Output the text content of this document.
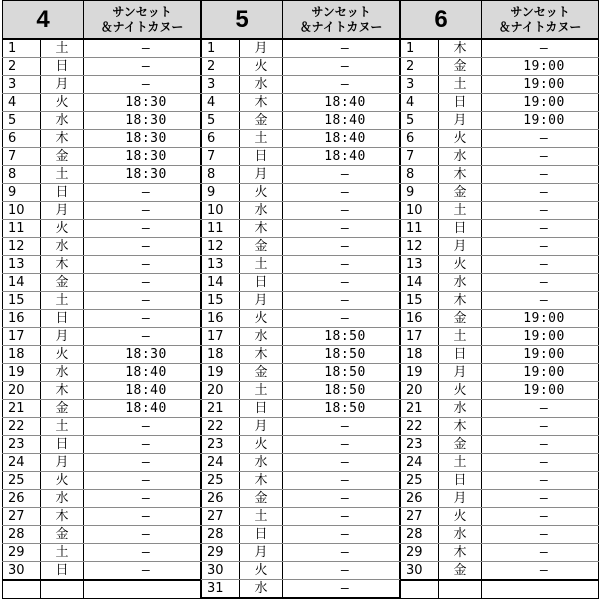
4		サンセット
＆ナイトカヌー

1	土	—
2	日	—
3	月	—
4	火	18:30
5	水	18:30
6	木	18:30
7	金	18:30
8	土	18:30
9	日	—
10	月	—
11	火	—
12	水	—
13	木	—
14	金	—
15	土	—
16	日	—
17	月	—
18	火	18:30
19	水	18:40
20	木	18:40
21	金	18:40
22	土	—
23	日	—
24	月	—
25	火	—
26	水	—
27	木	—
28	金	—
29	土	—
30	日	—

5		サンセット
＆ナイトカヌー

1	月	—
2	火	—
3	水	—
4	木	18:40
5	金	18:40
6	土	18:40
7	日	18:40
8	月	—
9	火	—
10	水	—
11	木	—
12	金	—
13	土	—
14	日	—
15	月	—
16	火	—
17	水	18:50
18	木	18:50
19	金	18:50
20	土	18:50
21	日	18:50
22	月	—
23	火	—
24	水	—
25	木	—
26	金	—
27	土	—
28	日	—
29	月	—
30	火	—
31	水	—
6		サンセット
＆ナイトカヌー

1	木	—
2	金	19:00
3	土	19:00
4	日	19:00
5	月	19:00
6	火	—
7	水	—
8	木	—
9	金	—
10	土	—
11	日	—
12	月	—
13	火	—
14	水	—
15	木	—
16	金	19:00
17	土	19:00
18	日	19:00
19	月	19:00
20	火	19:00
21	水	—
22	木	—
23	金	—
24	土	—
25	日	—
26	月	—
27	火	—
28	水	—
29	木	—
30	金	—
